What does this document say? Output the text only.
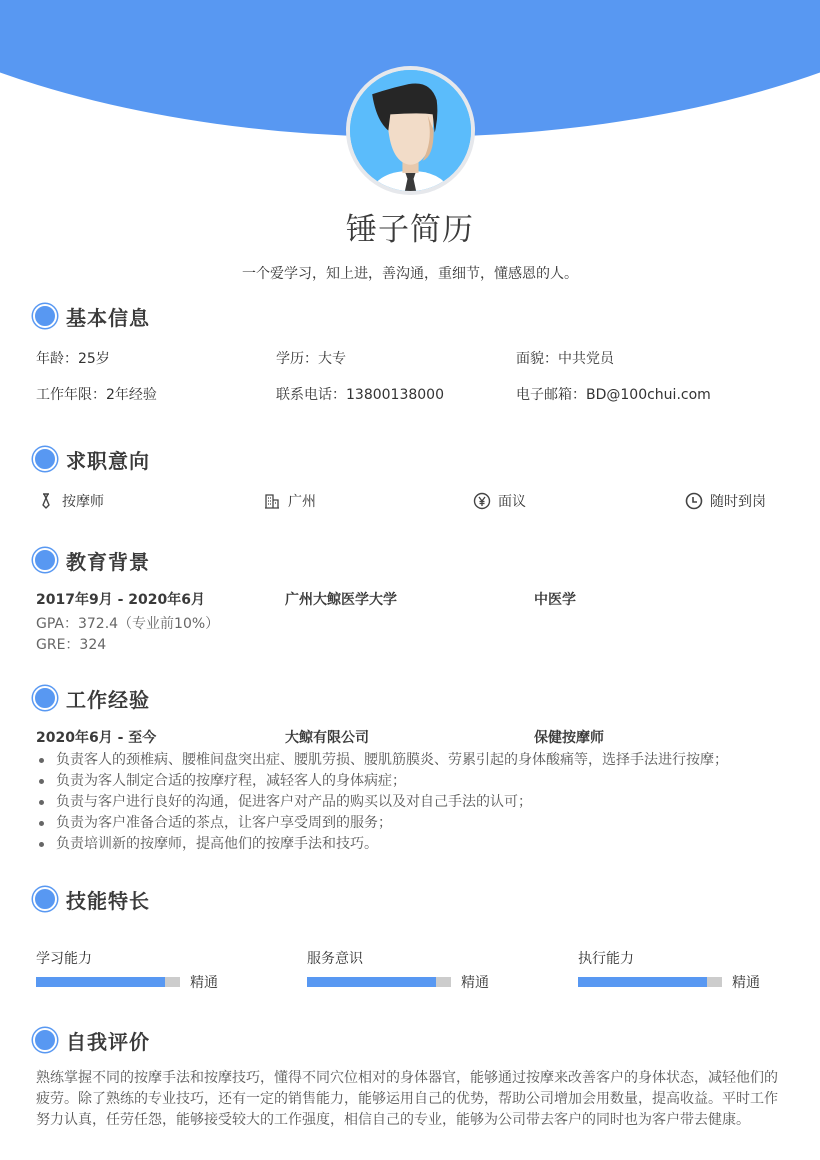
锤子简历
一个爱学习，知上进，善沟通，重细节，懂感恩的人。
基本信息
年龄：25岁	学历：大专	面貌：中共党员
工作年限：2年经验	联系电话：13800138000	电子邮箱：BD@100chui.com
求职意向
按摩师	广州	面议	随时到岗
教育背景
2017年9月 - 2020年6月	广州大鲸医学大学	中医学
GPA：372.4（专业前10%）
GRE：324
工作经验
2020年6月 - 至今	大鲸有限公司	保健按摩师
负责客人的颈椎病、腰椎间盘突出症、腰肌劳损、腰肌筋膜炎、劳累引起的身体酸痛等，选择手法进行按摩；
负责为客人制定合适的按摩疗程，减轻客人的身体病症；
负责与客户进行良好的沟通，促进客户对产品的购买以及对自己手法的认可；
负责为客户准备合适的茶点，让客户享受周到的服务；
负责培训新的按摩师，提高他们的按摩手法和技巧。
技能特长
学习能力
精通
服务意识
精通
执行能力
精通
自我评价
熟练掌握不同的按摩手法和按摩技巧，懂得不同穴位相对的身体器官，能够通过按摩来改善客户的身体状态，减轻他们的疲劳。除了熟练的专业技巧，还有一定的销售能力，能够运用自己的优势，帮助公司增加会用数量，提高收益。平时工作努力认真，任劳任怨，能够接受较大的工作强度，相信自己的专业，能够为公司带去客户的同时也为客户带去健康。
